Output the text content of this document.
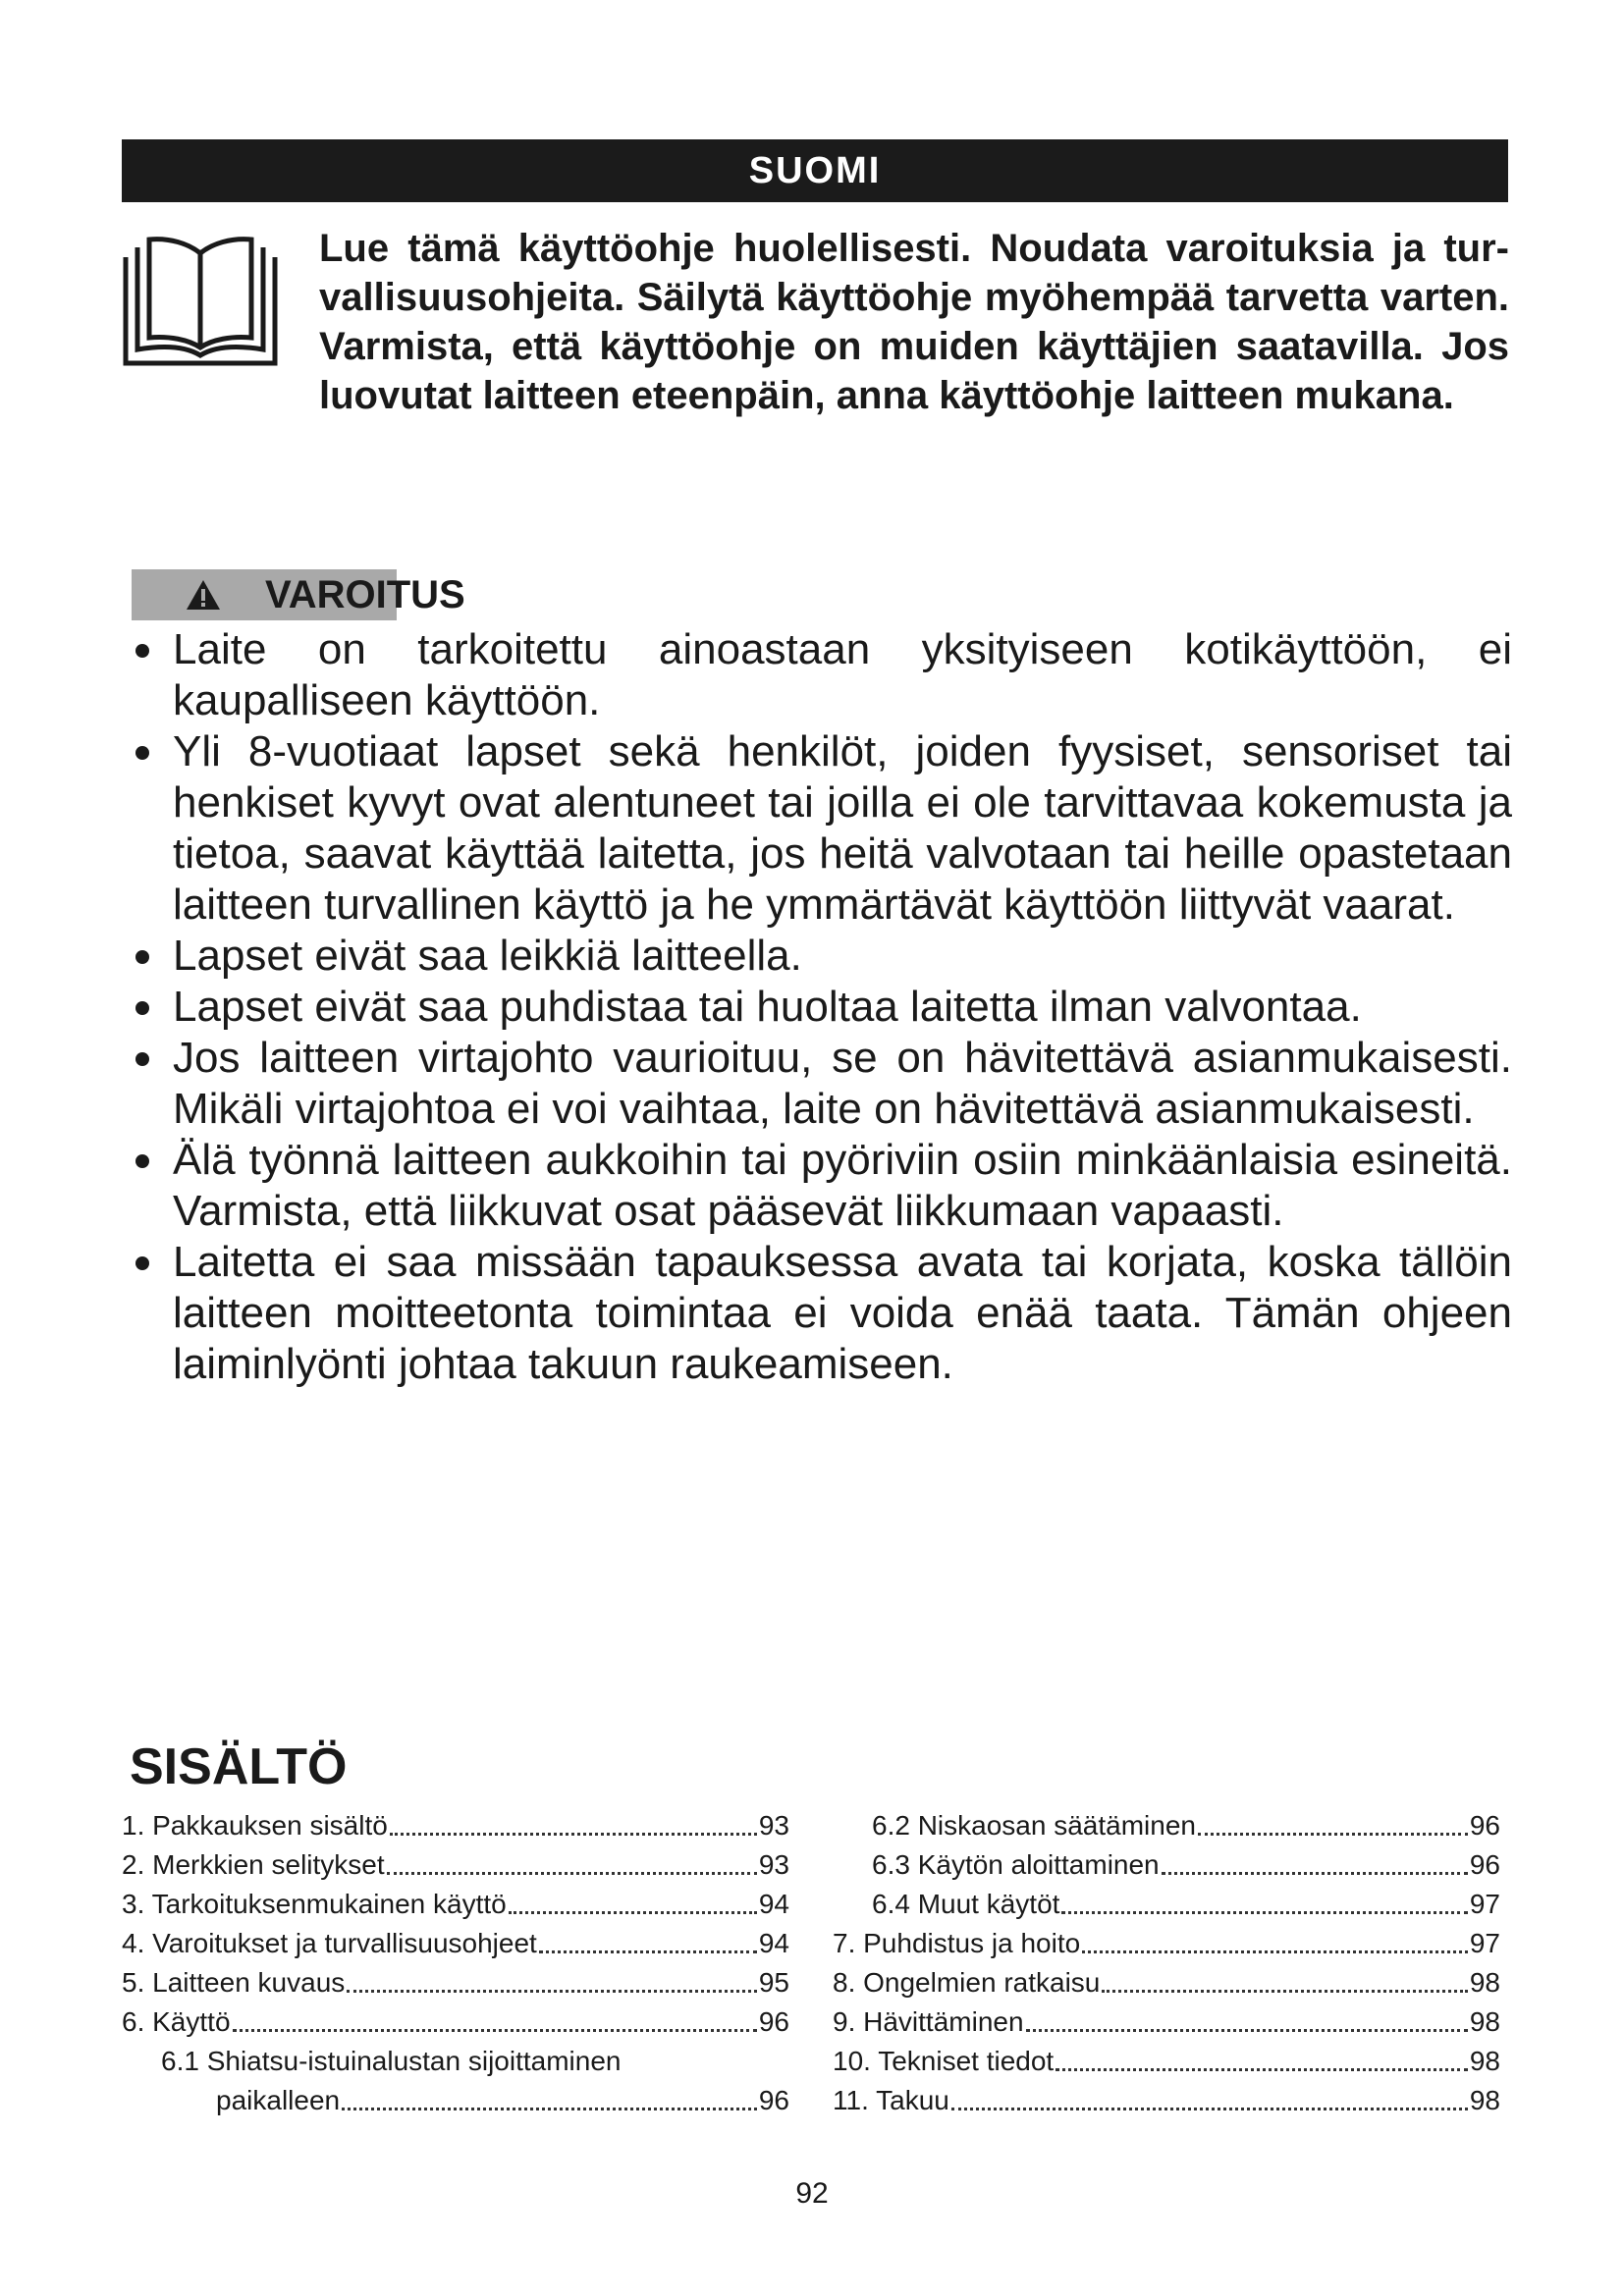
SUOMI

Lue tämä käyttöohje huolellisesti. Noudata varoituksia ja turvallisuusohjeita. Säilytä käyttöohje myöhempää tarvetta varten. Varmista, että käyttöohje on muiden käyttäjien saatavilla. Jos luovutat laitteen eteenpäin, anna käyttöohje laitteen mukana.

VAROITUS
Laite on tarkoitettu ainoastaan yksityiseen kotikäyttöön, ei kaupalliseen käyttöön.
Yli 8-vuotiaat lapset sekä henkilöt, joiden fyysiset, sensoriset tai henkiset kyvyt ovat alentuneet tai joilla ei ole tarvittavaa kokemusta ja tietoa, saavat käyttää laitetta, jos heitä valvotaan tai heille opastetaan laitteen turvallinen käyttö ja he ymmärtävät käyttöön liittyvät vaarat.
Lapset eivät saa leikkiä laitteella.
Lapset eivät saa puhdistaa tai huoltaa laitetta ilman valvontaa.
Jos laitteen virtajohto vaurioituu, se on hävitettävä asianmukaisesti. Mikäli virtajohtoa ei voi vaihtaa, laite on hävitettävä asianmukaisesti.
Älä työnnä laitteen aukkoihin tai pyöriviin osiin minkäänlaisia esineitä. Varmista, että liikkuvat osat pääsevät liikkumaan vapaasti.
Laitetta ei saa missään tapauksessa avata tai korjata, koska tällöin laitteen moitteetonta toimintaa ei voida enää taata. Tämän ohjeen laiminlyönti johtaa takuun raukeamiseen.
SISÄLTÖ
1. Pakkauksen sisältö	93
2. Merkkien selitykset	93
3. Tarkoituksenmukainen käyttö	94
4. Varoitukset ja turvallisuusohjeet	94
5. Laitteen kuvaus	95
6. Käyttö	96
6.1 Shiatsu-istuinalustan sijoittaminen
paikalleen	96
6.2 Niskaosan säätäminen	96
6.3 Käytön aloittaminen	96
6.4 Muut käytöt	97
7. Puhdistus ja hoito	97
8. Ongelmien ratkaisu	98
9. Hävittäminen	98
10. Tekniset tiedot	98
11. Takuu	98
92
